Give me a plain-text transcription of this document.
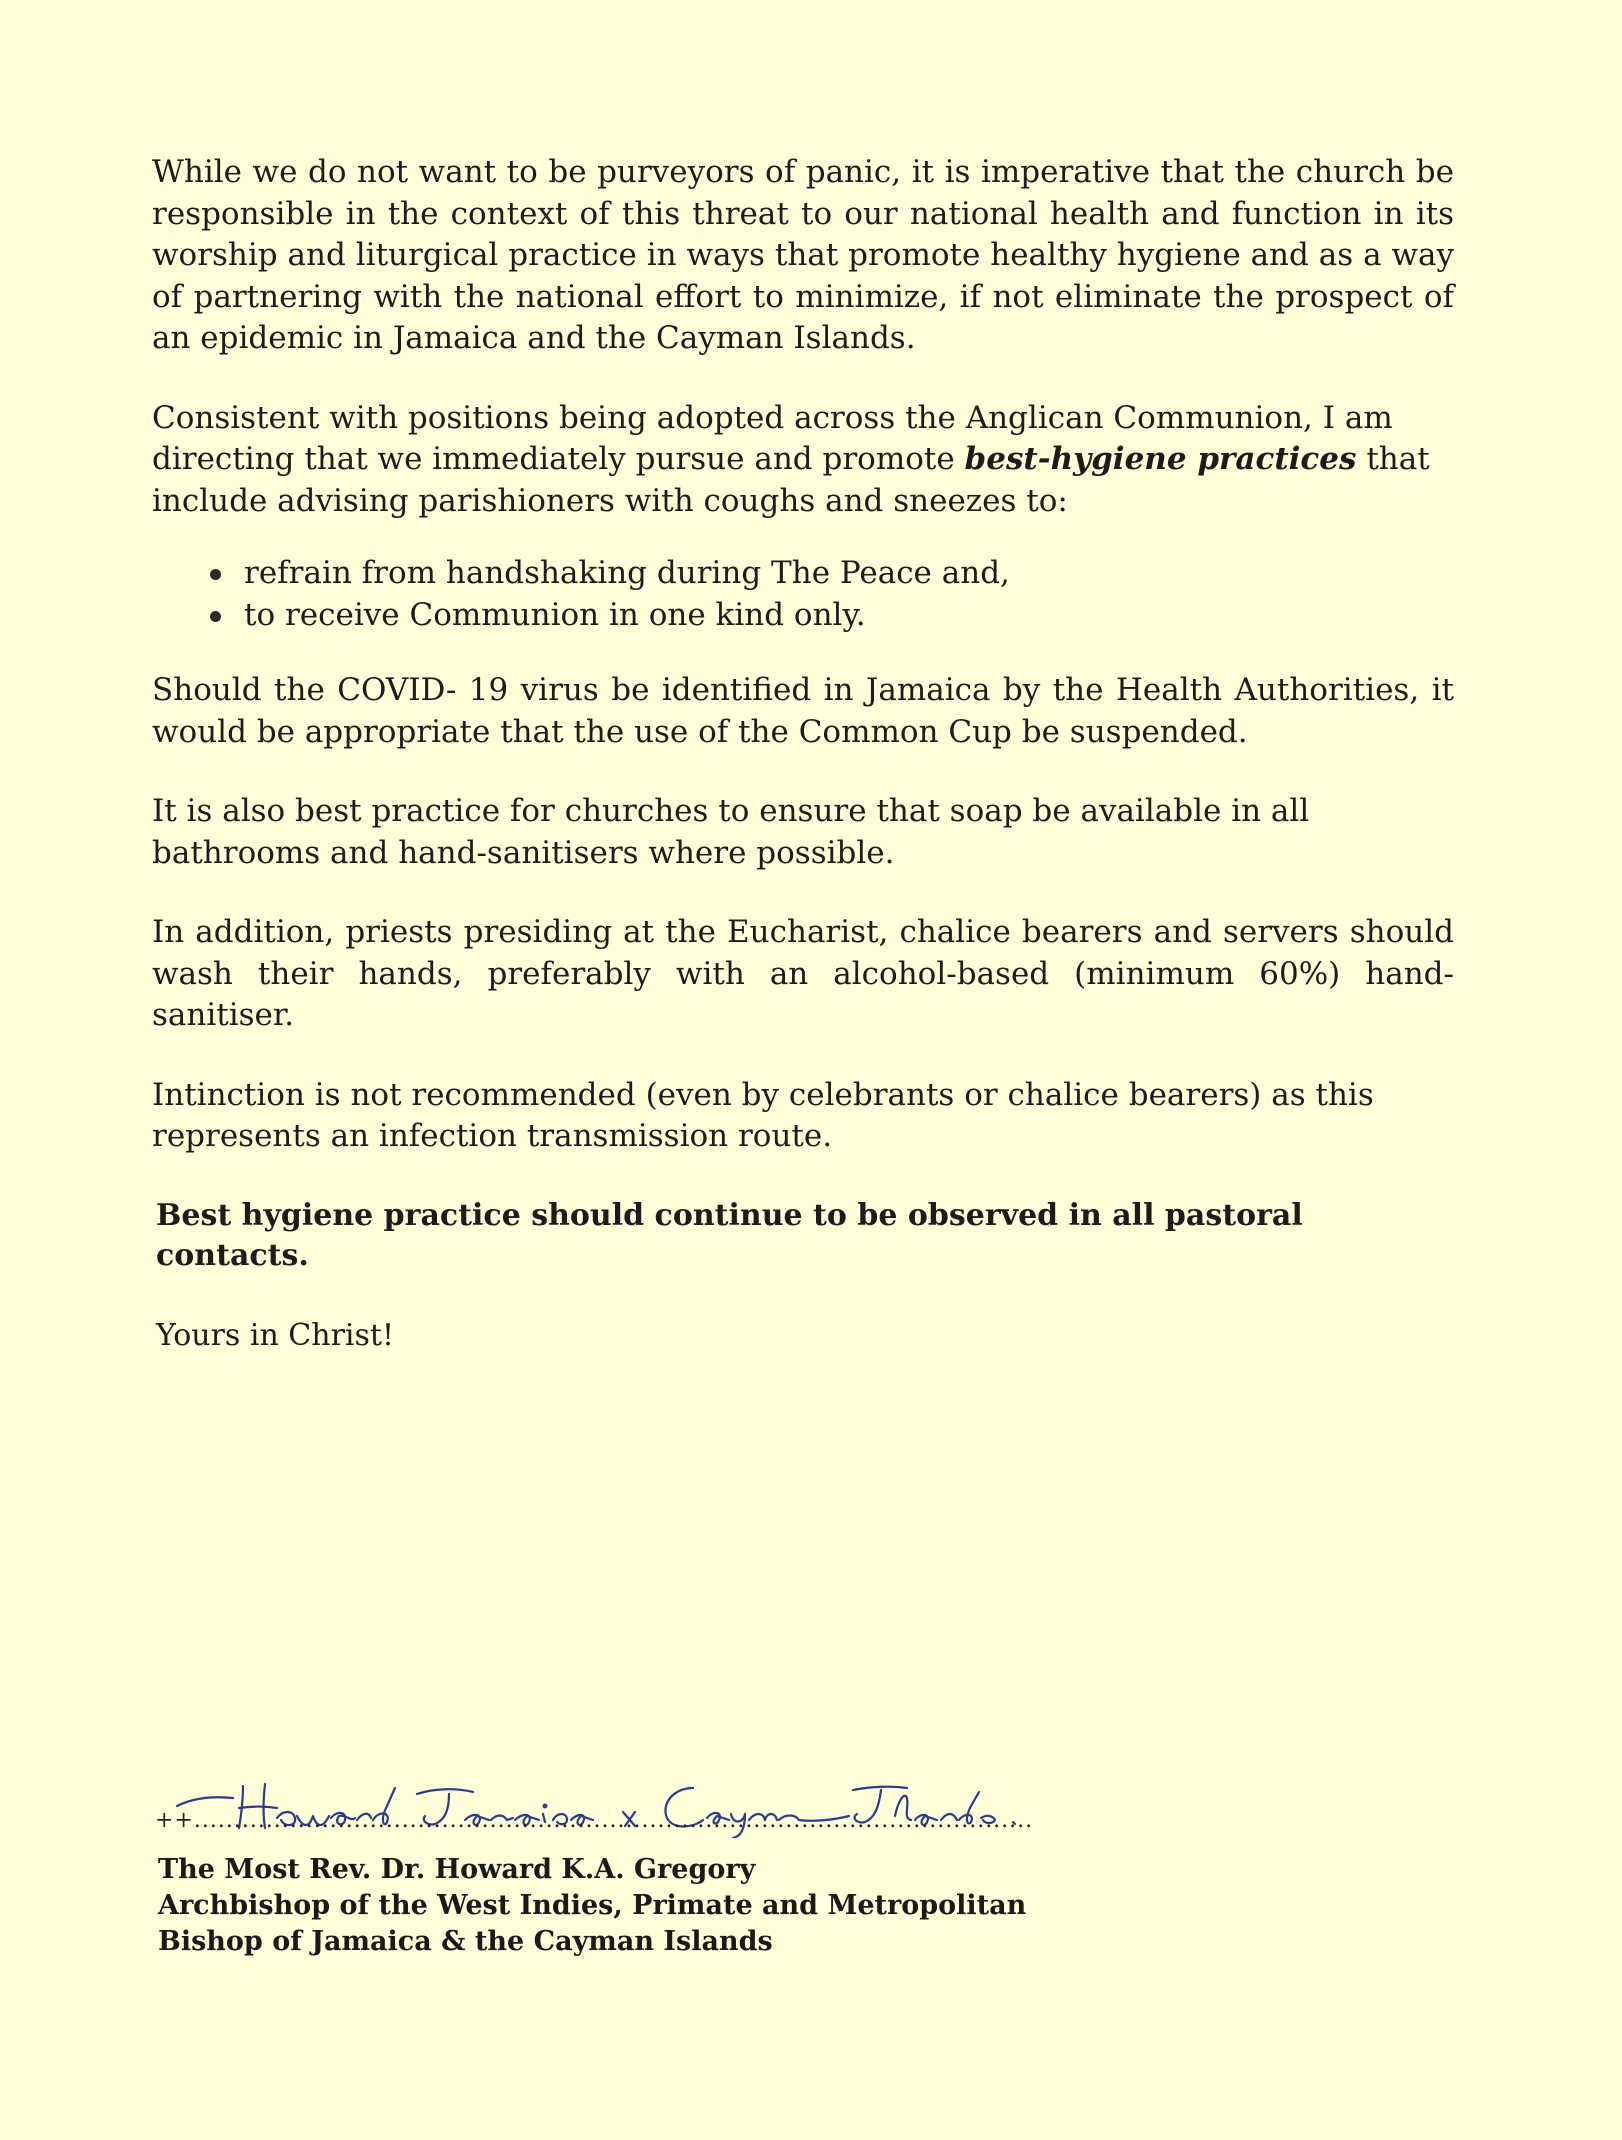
While we do not want to be purveyors of panic, it is imperative that the church be responsible in the context of this threat to our national health and function in its worship and liturgical practice in ways that promote healthy hygiene and as a way of partnering with the national effort to minimize, if not eliminate the prospect of an epidemic in Jamaica and the Cayman Islands.

Consistent with positions being adopted across the Anglican Communion, I am directing that we immediately pursue and promote best-hygiene practices that include advising parishioners with coughs and sneezes to:

refrain from handshaking during The Peace and,
to receive Communion in one kind only.

Should the COVID- 19 virus be identified in Jamaica by the Health Authorities, it would be appropriate that the use of the Common Cup be suspended.

It is also best practice for churches to ensure that soap be available in all bathrooms and hand-sanitisers where possible.

In addition, priests presiding at the Eucharist, chalice bearers and servers should wash their hands, preferably with an alcohol-based (minimum 60%) hand-sanitiser.

Intinction is not recommended (even by celebrants or chalice bearers) as this represents an infection transmission route.

Best hygiene practice should continue to be observed in all pastoral contacts.

Yours in Christ!

++.........................................................................................................
The Most Rev. Dr. Howard K.A. Gregory
Archbishop of the West Indies, Primate and Metropolitan
Bishop of Jamaica & the Cayman Islands
